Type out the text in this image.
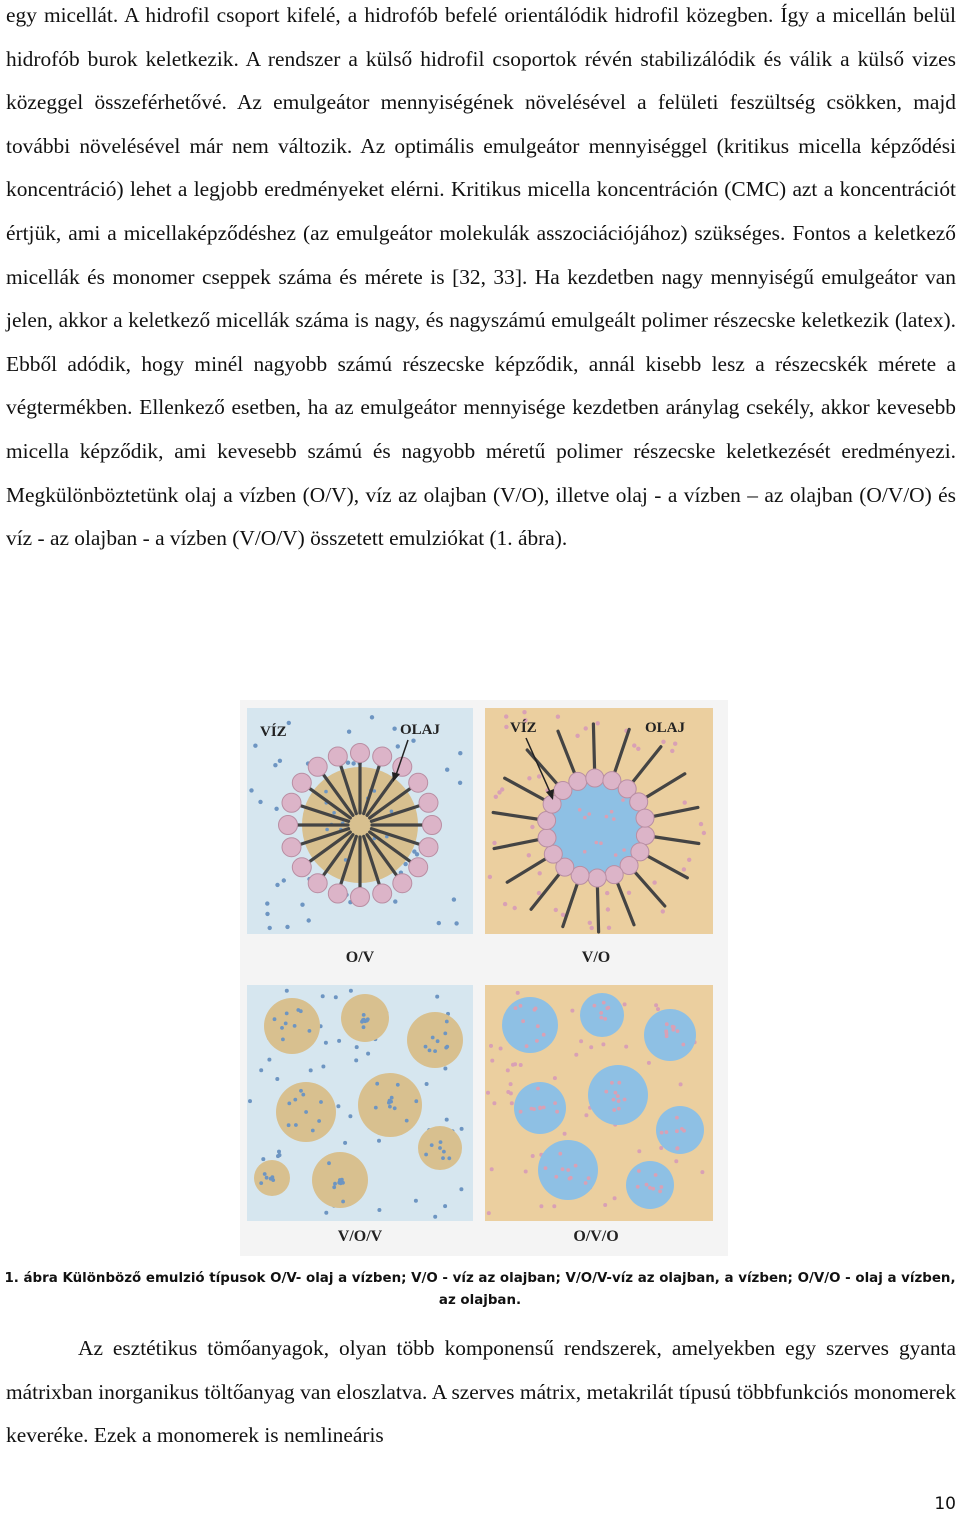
egy micellát. A hidrofil csoport kifelé, a hidrofób befelé orientálódik hidrofil közegben. Így a micellán belül hidrofób burok keletkezik. A rendszer a külső hidrofil csoportok révén stabilizálódik és válik a külső vizes közeggel összeférhetővé. Az emulgeátor mennyiségének növelésével a felületi feszültség csökken, majd további növelésével már nem változik. Az optimális emulgeátor mennyiséggel (kritikus micella képződési koncentráció) lehet a legjobb eredményeket elérni. Kritikus micella koncentráción (CMC) azt a koncentrációt értjük, ami a micellaképződéshez (az emulgeátor molekulák asszociációjához) szükséges. Fontos a keletkező micellák és monomer cseppek száma és mérete is [32, 33]. Ha kezdetben nagy mennyiségű emulgeátor van jelen, akkor a keletkező micellák száma is nagy, és nagyszámú emulgeált polimer részecske keletkezik (latex). Ebből adódik, hogy minél nagyobb számú részecske képződik, annál kisebb lesz a részecskék mérete a végtermékben. Ellenkező esetben, ha az emulgeátor mennyisége kezdetben aránylag csekély, akkor kevesebb micella képződik, ami kevesebb számú és nagyobb méretű polimer részecske keletkezését eredményezi. Megkülönböztetünk olaj a vízben (O/V), víz az olajban (V/O), illetve olaj - a vízben – az olajban (O/V/O) és víz - az olajban - a vízben (V/O/V) összetett emulziókat (1. ábra).

VÍZ	OLAJ
O/V
VÍZ	OLAJ
V/O
V/O/V	O/V/O
1. ábra Különböző emulzió típusok O/V- olaj a vízben; V/O - víz az olajban; V/O/V-víz az olajban, a vízben; O/V/O - olaj a vízben, az olajban.

Az esztétikus tömőanyagok, olyan több komponensű rendszerek, amelyekben egy szerves gyanta mátrixban inorganikus töltőanyag van eloszlatva. A szerves mátrix, metakrilát típusú többfunkciós monomerek keveréke. Ezek a monomerek is nemlineáris

10
